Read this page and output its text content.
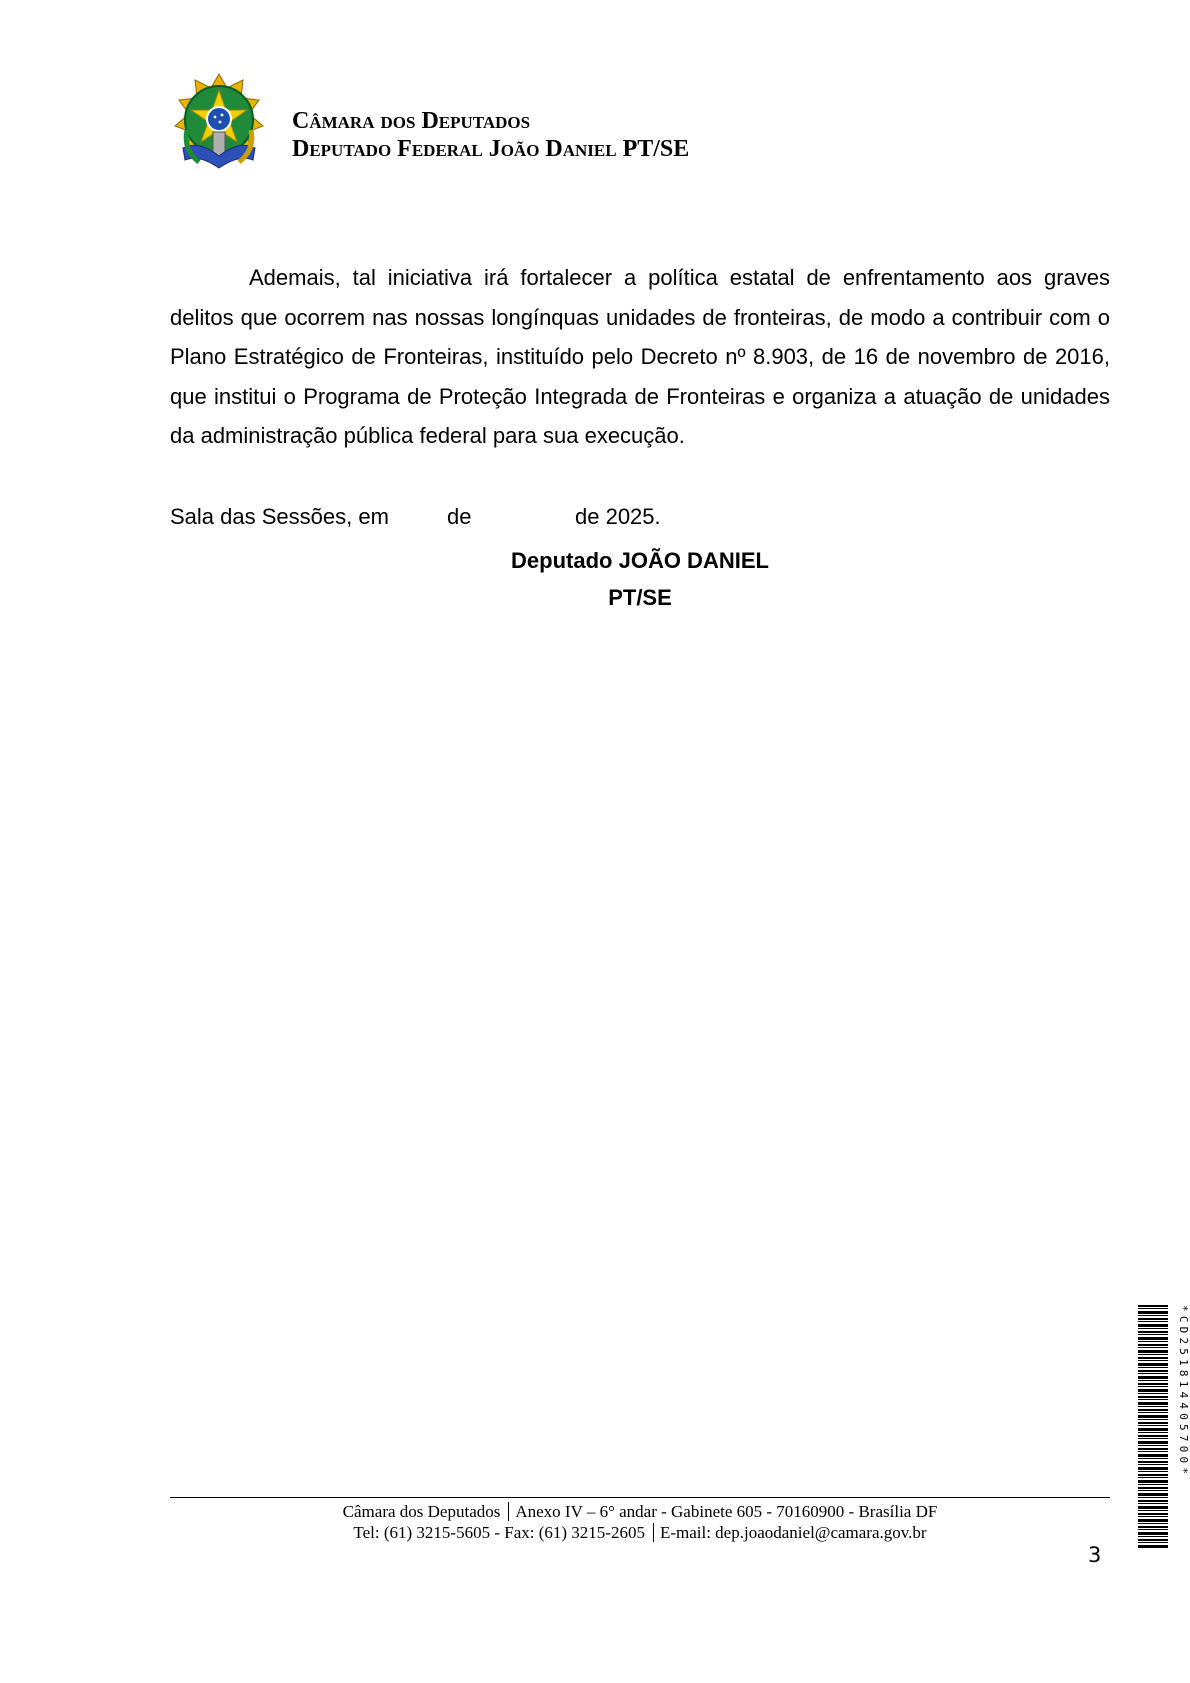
Câmara dos Deputados
Deputado Federal João Daniel PT/SE

Ademais, tal iniciativa irá fortalecer a política estatal de enfrentamento aos graves delitos que ocorrem nas nossas longínquas unidades de fronteiras, de modo a contribuir com o Plano Estratégico de Fronteiras, instituído pelo Decreto nº 8.903, de 16 de novembro de 2016, que institui o Programa de Proteção Integrada de Fronteiras e organiza a atuação de unidades da administração pública federal para sua execução.

Sala das Sessões, em	de	de 2025.
Deputado JOÃO DANIEL
PT/SE
Câmara dos Deputados Anexo IV – 6° andar - Gabinete 605 - 70160900 - Brasília DF
Tel: (61) 3215-5605 - Fax: (61) 3215-2605 E-mail: dep.joaodaniel@camara.gov.br
3
*CD251814405700*
